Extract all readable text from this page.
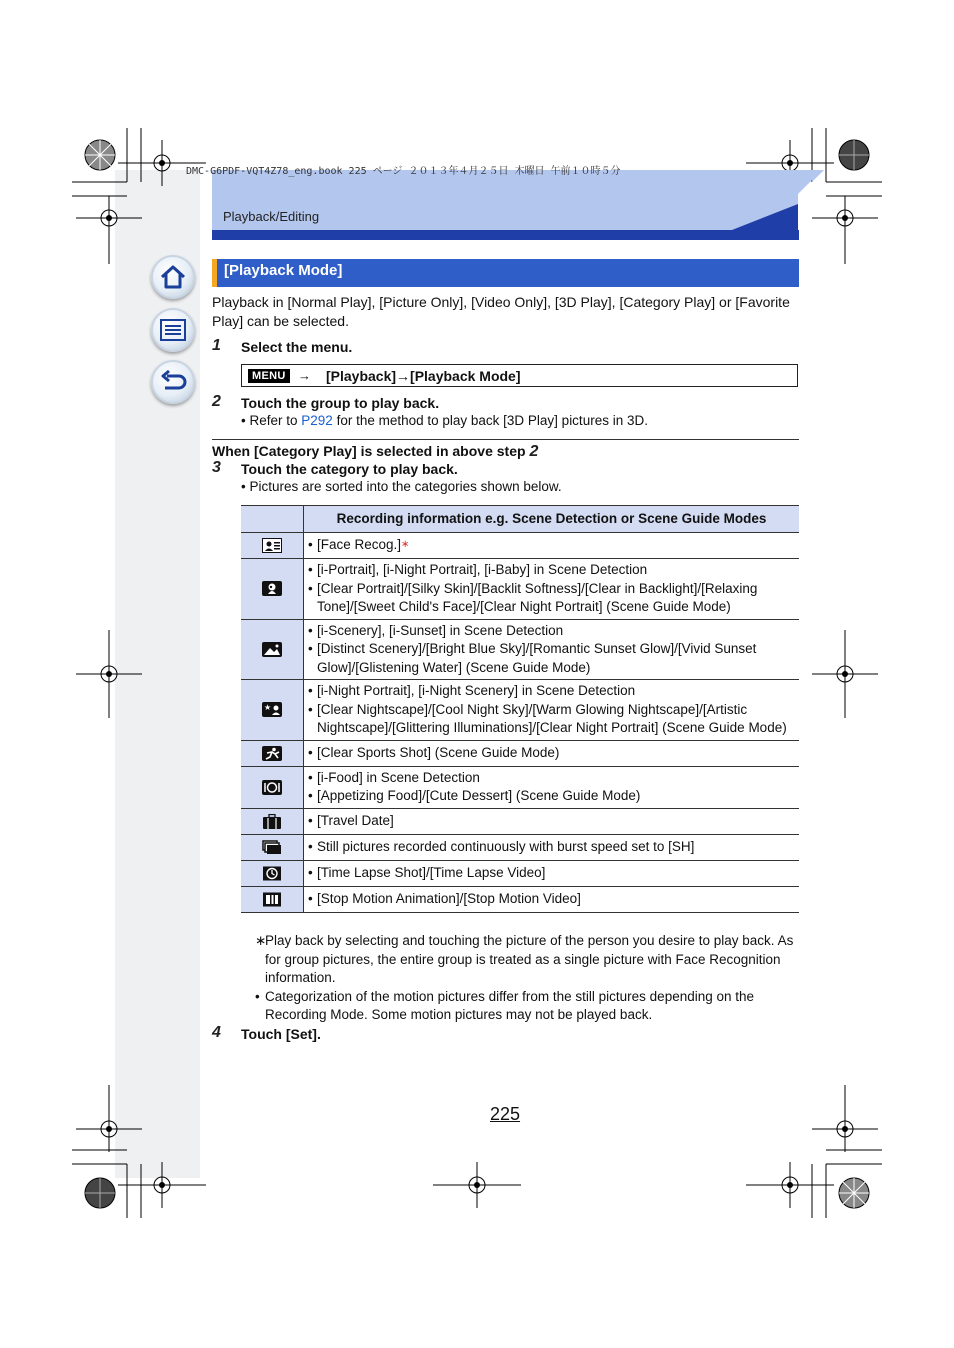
DMC-G6PDF-VQT4Z78_eng.book 225 ページ ２０１３年４月２５日 木曜日 午前１０時５分
Playback/Editing
[Playback Mode]
Playback in [Normal Play], [Picture Only], [Video Only], [3D Play], [Category Play] or [Favorite Play] can be selected.
1 Select the menu.
MENU → [Playback]→[Playback Mode]
2 Touch the group to play back.
• Refer to P292 for the method to play back [3D Play] pictures in 3D.
When [Category Play] is selected in above step 2
3 Touch the category to play back.
• Pictures are sorted into the categories shown below.
	Recording information e.g. Scene Detection or Scene Guide Modes

• [Face Recog.]∗

• [i-Portrait], [i-Night Portrait], [i-Baby] in Scene Detection
• [Clear Portrait]/[Silky Skin]/[Backlit Softness]/[Clear in Backlight]/[Relaxing Tone]/[Sweet Child's Face]/[Clear Night Portrait] (Scene Guide Mode)

• [i-Scenery], [i-Sunset] in Scene Detection
• [Distinct Scenery]/[Bright Blue Sky]/[Romantic Sunset Glow]/[Vivid Sunset Glow]/[Glistening Water] (Scene Guide Mode)

★	• [i-Night Portrait], [i-Night Scenery] in Scene Detection
• [Clear Nightscape]/[Cool Night Sky]/[Warm Glowing Nightscape]/[Artistic Nightscape]/[Glittering Illuminations]/[Clear Night Portrait] (Scene Guide Mode)

• [Clear Sports Shot] (Scene Guide Mode)

• [i-Food] in Scene Detection
• [Appetizing Food]/[Cute Dessert] (Scene Guide Mode)

• [Travel Date]

• Still pictures recorded continuously with burst speed set to [SH]

• [Time Lapse Shot]/[Time Lapse Video]

• [Stop Motion Animation]/[Stop Motion Video]
∗
Play back by selecting and touching the picture of the person you desire to play back. As for group pictures, the entire group is treated as a single picture with Face Recognition information.
• Categorization of the motion pictures differ from the still pictures depending on the Recording Mode. Some motion pictures may not be played back.
4 Touch [Set].
225
